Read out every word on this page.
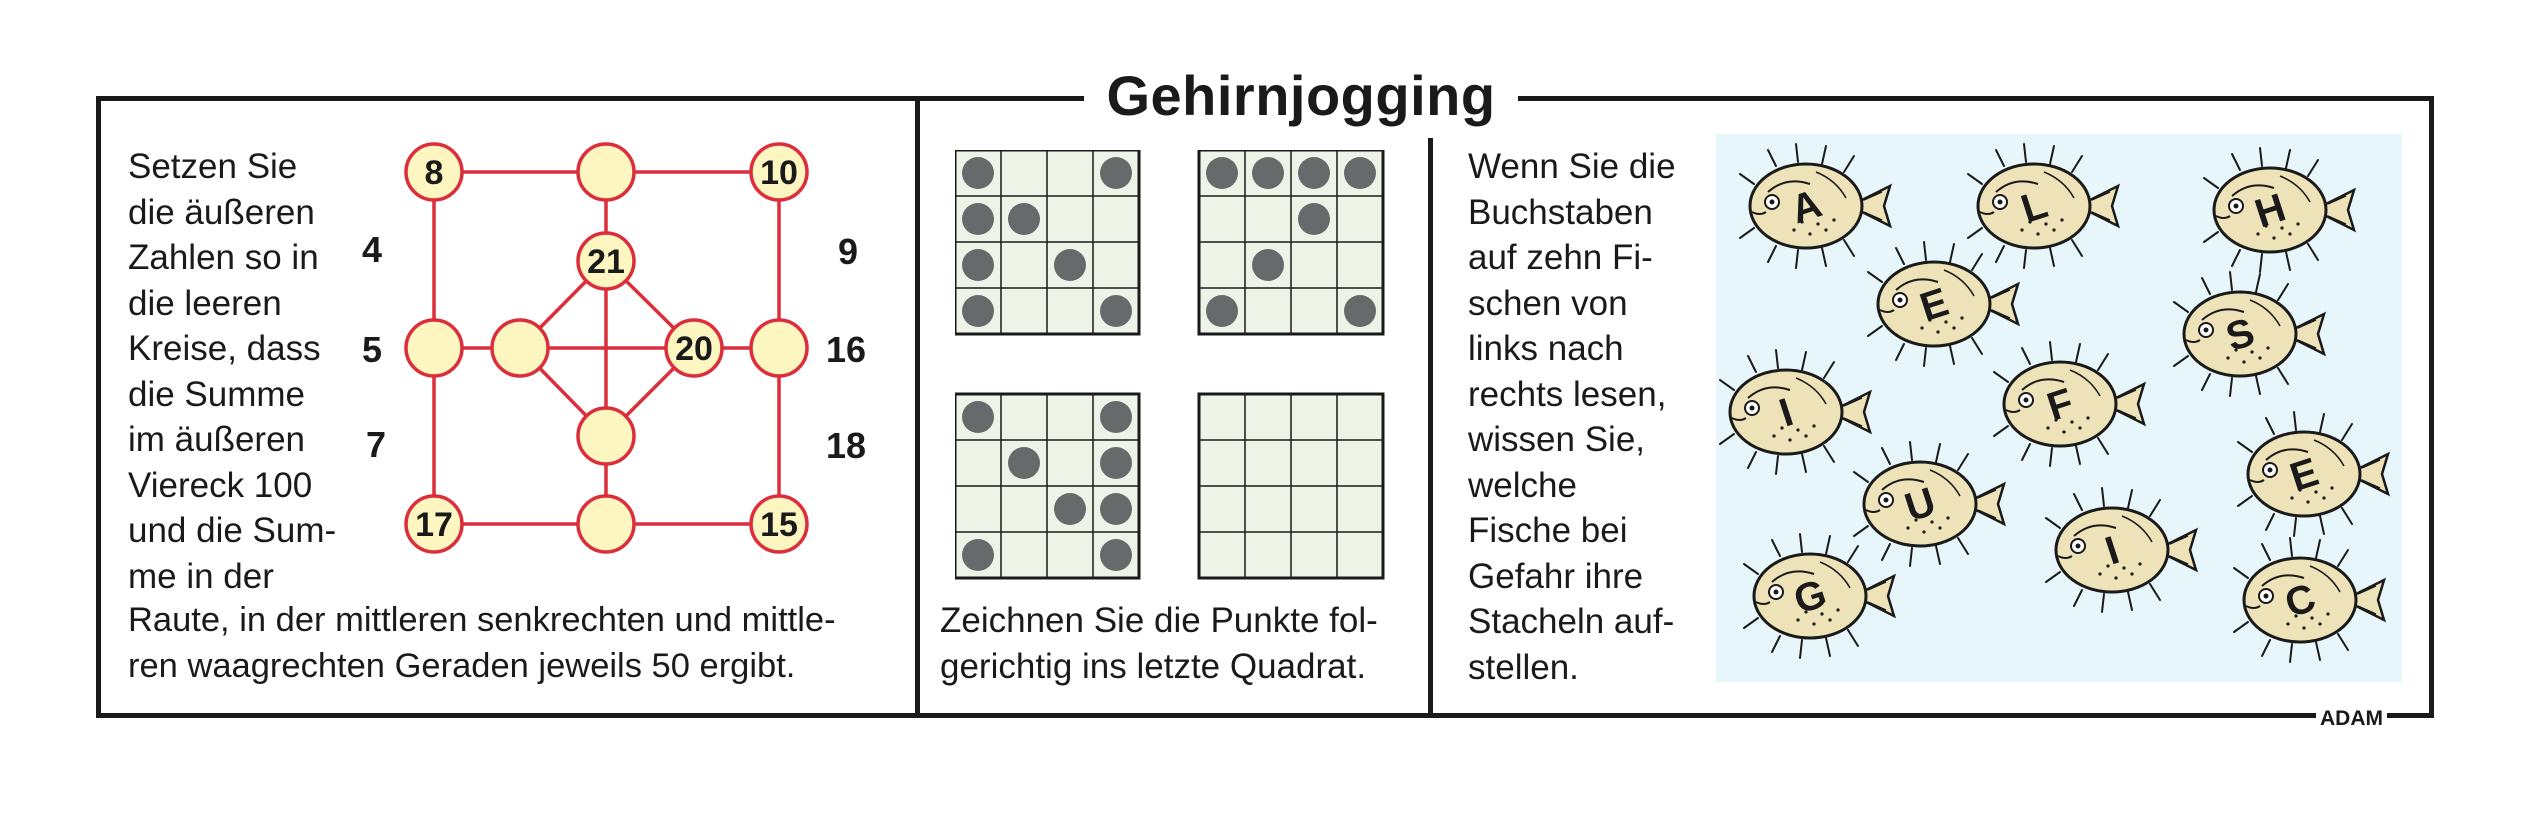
Gehirnjogging
ADAM
Setzen Sie
die äußeren
Zahlen so in
die leeren
Kreise, dass
die Summe
im äußeren
Viereck 100
und die Sum-
me in der
Raute, in der mittleren senkrechten und mittle-
ren waagrechten Geraden jeweils 50 ergibt.
4
5
7
9
16
18
8	10
21
20
17	15
Zeichnen Sie die Punkte fol-
gerichtig ins letzte Quadrat.
Wenn Sie die
Buchstaben
auf zehn Fi-
schen von
links nach
rechts lesen,
wissen Sie,
welche
Fische bei
Gefahr ihre
Stacheln auf-
stellen.
A	L	H
E
S
I	F
E
U
I
G	C
